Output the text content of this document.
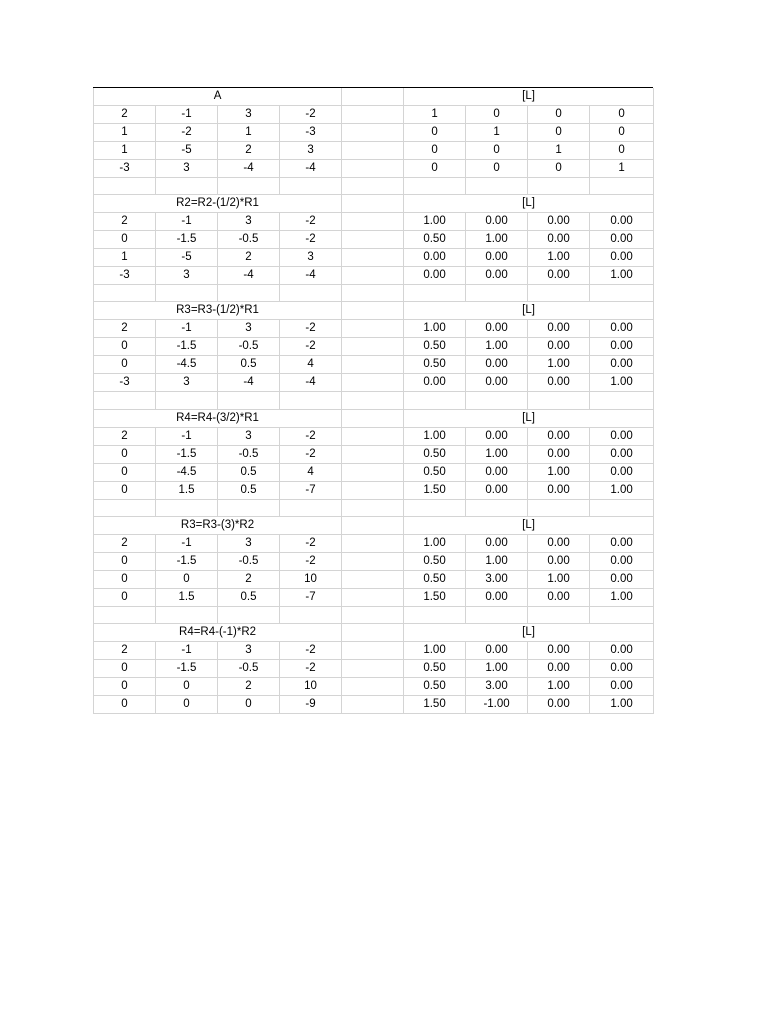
A					[L]			
2	-1	3	-2		1	0	0	0
1	-2	1	-3		0	1	0	0
1	-5	2	3		0	0	1	0
-3	3	-4	-4		0	0	0	1

R2=R2-(1/2)*R1					[L]			
2	-1	3	-2		1.00	0.00	0.00	0.00
0	-1.5	-0.5	-2		0.50	1.00	0.00	0.00
1	-5	2	3		0.00	0.00	1.00	0.00
-3	3	-4	-4		0.00	0.00	0.00	1.00

R3=R3-(1/2)*R1					[L]			
2	-1	3	-2		1.00	0.00	0.00	0.00
0	-1.5	-0.5	-2		0.50	1.00	0.00	0.00
0	-4.5	0.5	4		0.50	0.00	1.00	0.00
-3	3	-4	-4		0.00	0.00	0.00	1.00

R4=R4-(3/2)*R1					[L]			
2	-1	3	-2		1.00	0.00	0.00	0.00
0	-1.5	-0.5	-2		0.50	1.00	0.00	0.00
0	-4.5	0.5	4		0.50	0.00	1.00	0.00
0	1.5	0.5	-7		1.50	0.00	0.00	1.00

R3=R3-(3)*R2					[L]			
2	-1	3	-2		1.00	0.00	0.00	0.00
0	-1.5	-0.5	-2		0.50	1.00	0.00	0.00
0	0	2	10		0.50	3.00	1.00	0.00
0	1.5	0.5	-7		1.50	0.00	0.00	1.00

R4=R4-(-1)*R2					[L]			
2	-1	3	-2		1.00	0.00	0.00	0.00
0	-1.5	-0.5	-2		0.50	1.00	0.00	0.00
0	0	2	10		0.50	3.00	1.00	0.00
0	0	0	-9		1.50	-1.00	0.00	1.00
